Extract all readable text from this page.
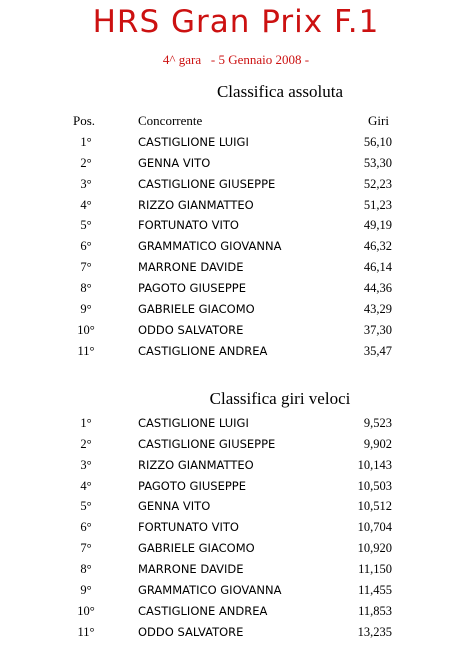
HRS Gran Prix F.1
4^ gara   - 5 Gennaio 2008 -
Classifica assoluta
Pos.	Concorrente	Giri
1°	CASTIGLIONE LUIGI	56,10
2°	GENNA VITO	53,30
3°	CASTIGLIONE GIUSEPPE	52,23
4°	RIZZO GIANMATTEO	51,23
5°	FORTUNATO VITO	49,19
6°	GRAMMATICO GIOVANNA	46,32
7°	MARRONE DAVIDE	46,14
8°	PAGOTO GIUSEPPE	44,36
9°	GABRIELE GIACOMO	43,29
10°	ODDO SALVATORE	37,30
11°	CASTIGLIONE ANDREA	35,47
Classifica giri veloci
1°	CASTIGLIONE LUIGI	9,523
2°	CASTIGLIONE GIUSEPPE	9,902
3°	RIZZO GIANMATTEO	10,143
4°	PAGOTO GIUSEPPE	10,503
5°	GENNA VITO	10,512
6°	FORTUNATO VITO	10,704
7°	GABRIELE GIACOMO	10,920
8°	MARRONE DAVIDE	11,150
9°	GRAMMATICO GIOVANNA	11,455
10°	CASTIGLIONE ANDREA	11,853
11°	ODDO SALVATORE	13,235
